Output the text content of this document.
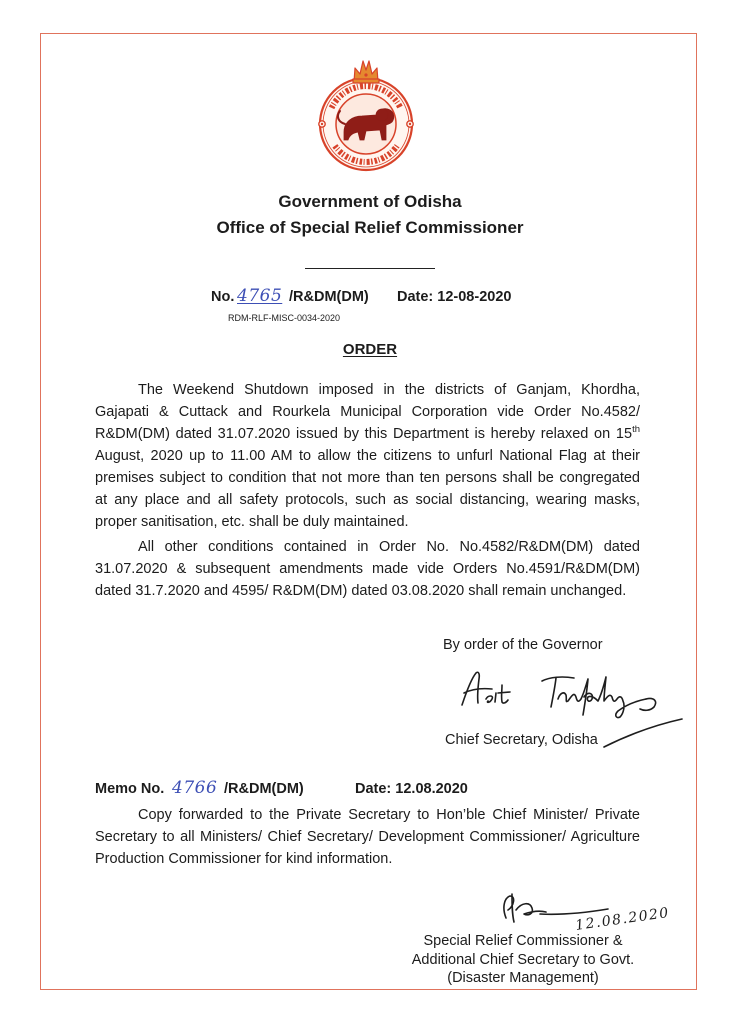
Government of Odisha
Office of Special Relief Commissioner
No. 4765 /R&DM(DM) Date: 12-08-2020
RDM-RLF-MISC-0034-2020
ORDER
The Weekend Shutdown imposed in the districts of Ganjam, Khordha,
Gajapati & Cuttack and Rourkela Municipal Corporation vide Order No.4582/
R&DM(DM) dated 31.07.2020 issued by this Department is hereby relaxed on 15th
August, 2020 up to 11.00 AM to allow the citizens to unfurl National Flag at their
premises subject to condition that not more than ten persons shall be congregated
at any place and all safety protocols, such as social distancing, wearing masks,
proper sanitisation, etc. shall be duly maintained.
All other conditions contained in Order No. No.4582/R&DM(DM) dated
31.07.2020 & subsequent amendments made vide Orders No.4591/R&DM(DM)
dated 31.7.2020 and 4595/ R&DM(DM) dated 03.08.2020 shall remain unchanged.
By order of the Governor
Chief Secretary, Odisha
Memo No. 4766 /R&DM(DM)	Date: 12.08.2020
Copy forwarded to the Private Secretary to Hon’ble Chief Minister/ Private
Secretary to all Ministers/ Chief Secretary/ Development Commissioner/ Agriculture
Production Commissioner for kind information.
12.08.2020
Special Relief Commissioner &
Additional Chief Secretary to Govt.
(Disaster Management)
